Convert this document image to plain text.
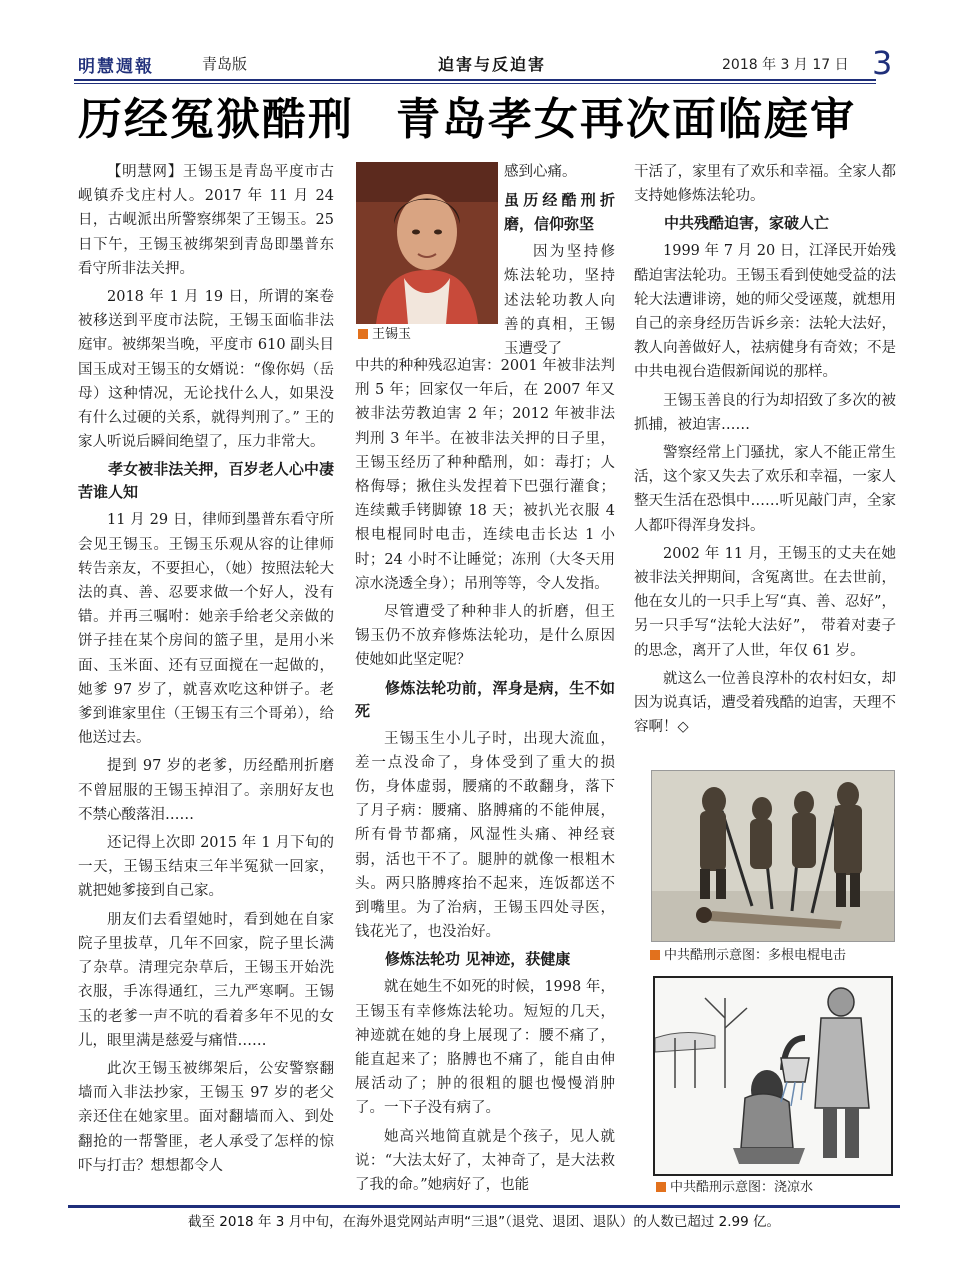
明慧週報	青岛版	迫害与反迫害	2018 年 3 月 17 日 3
历经冤狱酷刑 青岛孝女再次面临庭审

【明慧网】王锡玉是青岛平度市古岘镇乔戈庄村人。2017 年 11 月 24 日，古岘派出所警察绑架了王锡玉。25 日下午，王锡玉被绑架到青岛即墨普东看守所非法关押。

2018 年 1 月 19 日，所谓的案卷被移送到平度市法院，王锡玉面临非法庭审。被绑架当晚，平度市 610 副头目国玉成对王锡玉的女婿说：“像你妈（岳母）这种情况，无论找什么人，如果没有什么过硬的关系，就得判刑了。” 王的家人听说后瞬间绝望了，压力非常大。

孝女被非法关押，百岁老人心中凄苦谁人知

11 月 29 日，律师到墨普东看守所会见王锡玉。王锡玉乐观从容的让律师转告亲友，不要担心，（她）按照法轮大法的真、善、忍要求做一个好人，没有错。并再三嘱咐：她亲手给老父亲做的饼子挂在某个房间的篮子里，是用小米面、玉米面、还有豆面搅在一起做的，她爹 97 岁了，就喜欢吃这种饼子。老爹到谁家里住（王锡玉有三个哥弟），给他送过去。

提到 97 岁的老爹，历经酷刑折磨不曾屈服的王锡玉掉泪了。亲朋好友也不禁心酸落泪……

还记得上次即 2015 年 1 月下旬的一天，王锡玉结束三年半冤狱一回家，就把她爹接到自己家。

朋友们去看望她时，看到她在自家院子里拔草，几年不回家，院子里长满了杂草。清理完杂草后，王锡玉开始洗衣服，手冻得通红，三九严寒啊。王锡玉的老爹一声不吭的看着多年不见的女儿，眼里满是慈爱与痛惜……

此次王锡玉被绑架后，公安警察翻墙而入非法抄家，王锡玉 97 岁的老父亲还住在她家里。面对翻墙而入、到处翻抢的一帮警匪，老人承受了怎样的惊吓与打击？想想都令人

王锡玉

感到心痛。

虽历经酷刑折磨，信仰弥坚

因为坚持修炼法轮功，坚持述法轮功教人向善的真相，王锡玉遭受了

中共的种种残忍迫害：2001 年被非法判刑 5 年；回家仅一年后，在 2007 年又被非法劳教迫害 2 年；2012 年被非法判刑 3 年半。在被非法关押的日子里，王锡玉经历了种种酷刑，如：毒打；人格侮辱；揪住头发捏着下巴强行灌食；连续戴手铐脚镣 18 天；被扒光衣服 4 根电棍同时电击，连续电击长达 1 小时；24 小时不让睡觉；冻刑（大冬天用凉水浇透全身）；吊刑等等，令人发指。

尽管遭受了种种非人的折磨，但王锡玉仍不放弃修炼法轮功，是什么原因使她如此坚定呢？

修炼法轮功前，浑身是病，生不如死

王锡玉生小儿子时，出现大流血，差一点没命了，身体受到了重大的损伤，身体虚弱，腰痛的不敢翻身，落下了月子病：腰痛、胳膊痛的不能伸展，所有骨节都痛，风湿性头痛、神经衰弱，活也干不了。腿肿的就像一根粗木头。两只胳膊疼抬不起来，连饭都送不到嘴里。为了治病，王锡玉四处寻医，钱花光了，也没治好。

修炼法轮功 见神迹，获健康

就在她生不如死的时候，1998 年，王锡玉有幸修炼法轮功。短短的几天，神迹就在她的身上展现了：腰不痛了，能直起来了；胳膊也不痛了，能自由伸展活动了；肿的很粗的腿也慢慢消肿了。一下子没有病了。

她高兴地简直就是个孩子，见人就说：“大法太好了，太神奇了，是大法救了我的命。”她病好了，也能

干活了，家里有了欢乐和幸福。全家人都支持她修炼法轮功。

中共残酷迫害，家破人亡

1999 年 7 月 20 日，江泽民开始残酷迫害法轮功。王锡玉看到使她受益的法轮大法遭诽谤，她的师父受诬蔑，就想用自己的亲身经历告诉乡亲：法轮大法好，教人向善做好人，祛病健身有奇效；不是中共电视台造假新闻说的那样。

王锡玉善良的行为却招致了多次的被抓捕，被迫害……

警察经常上门骚扰，家人不能正常生活，这个家又失去了欢乐和幸福，一家人整天生活在恐惧中……听见敲门声，全家人都吓得浑身发抖。

2002 年 11 月，王锡玉的丈夫在她被非法关押期间，含冤离世。在去世前，他在女儿的一只手上写“真、善、忍好”，另一只手写“法轮大法好”， 带着对妻子的思念，离开了人世，年仅 61 岁。

就这么一位善良淳朴的农村妇女，却因为说真话，遭受着残酷的迫害，天理不容啊！◇

中共酷刑示意图：多根电棍电击
中共酷刑示意图：浇凉水
截至 2018 年 3 月中旬，在海外退党网站声明“三退”（退党、退团、退队）的人数已超过 2.99 亿。
